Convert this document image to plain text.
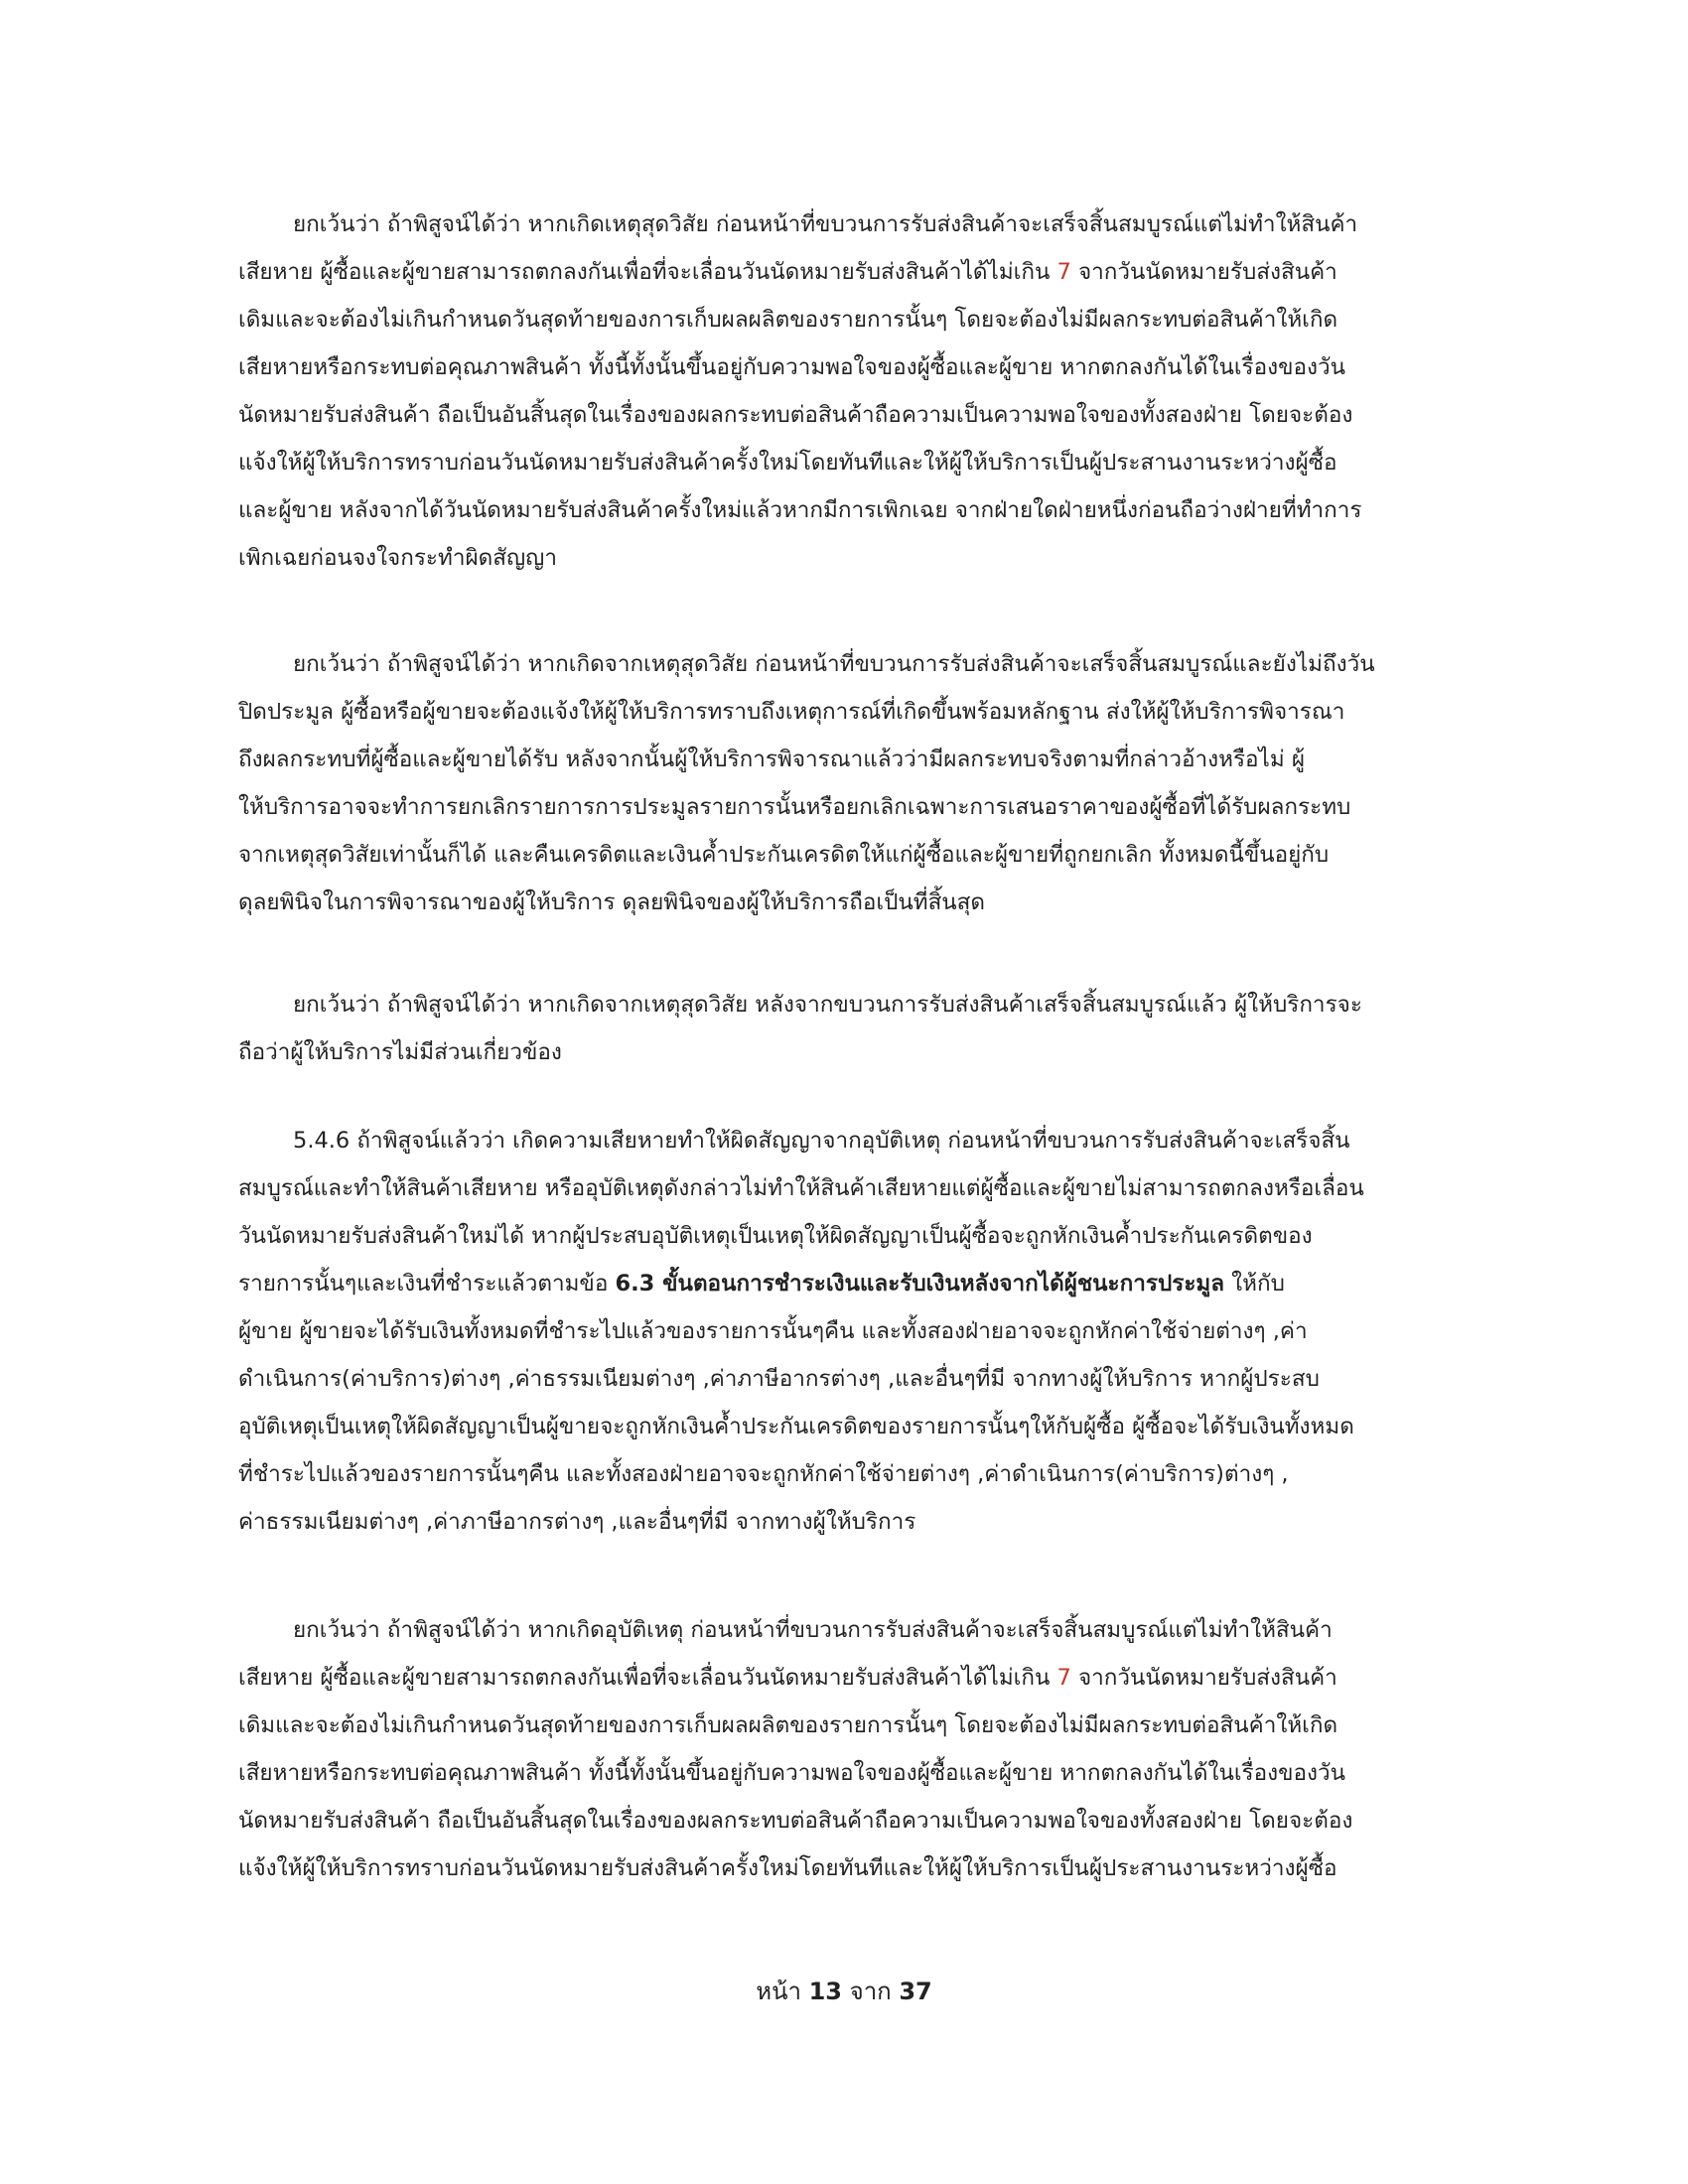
ยกเว้นว่า ถ้าพิสูจน์ได้ว่า หากเกิดเหตุสุดวิสัย ก่อนหน้าที่ขบวนการรับส่งสินค้าจะเสร็จสิ้นสมบูรณ์แต่ไม่ทำให้สินค้า
เสียหาย ผู้ซื้อและผู้ขายสามารถตกลงกันเพื่อที่จะเลื่อนวันนัดหมายรับส่งสินค้าได้ไม่เกิน 7 จากวันนัดหมายรับส่งสินค้า
เดิมและจะต้องไม่เกินกำหนดวันสุดท้ายของการเก็บผลผลิตของรายการนั้นๆ โดยจะต้องไม่มีผลกระทบต่อสินค้าให้เกิด
เสียหายหรือกระทบต่อคุณภาพสินค้า ทั้งนี้ทั้งนั้นขึ้นอยู่กับความพอใจของผู้ซื้อและผู้ขาย หากตกลงกันได้ในเรื่องของวัน
นัดหมายรับส่งสินค้า ถือเป็นอันสิ้นสุดในเรื่องของผลกระทบต่อสินค้าถือความเป็นความพอใจของทั้งสองฝ่าย โดยจะต้อง
แจ้งให้ผู้ให้บริการทราบก่อนวันนัดหมายรับส่งสินค้าครั้งใหม่โดยทันทีและให้ผู้ให้บริการเป็นผู้ประสานงานระหว่างผู้ซื้อ
และผู้ขาย หลังจากได้วันนัดหมายรับส่งสินค้าครั้งใหม่แล้วหากมีการเพิกเฉย จากฝ่ายใดฝ่ายหนึ่งก่อนถือว่างฝ่ายที่ทำการ
เพิกเฉยก่อนจงใจกระทำผิดสัญญา
ยกเว้นว่า ถ้าพิสูจน์ได้ว่า หากเกิดจากเหตุสุดวิสัย ก่อนหน้าที่ขบวนการรับส่งสินค้าจะเสร็จสิ้นสมบูรณ์และยังไม่ถึงวัน
ปิดประมูล ผู้ซื้อหรือผู้ขายจะต้องแจ้งให้ผู้ให้บริการทราบถึงเหตุการณ์ที่เกิดขึ้นพร้อมหลักฐาน ส่งให้ผู้ให้บริการพิจารณา
ถึงผลกระทบที่ผู้ซื้อและผู้ขายได้รับ หลังจากนั้นผู้ให้บริการพิจารณาแล้วว่ามีผลกระทบจริงตามที่กล่าวอ้างหรือไม่ ผู้
ให้บริการอาจจะทำการยกเลิกรายการการประมูลรายการนั้นหรือยกเลิกเฉพาะการเสนอราคาของผู้ซื้อที่ได้รับผลกระทบ
จากเหตุสุดวิสัยเท่านั้นก็ได้ และคืนเครดิตและเงินค้ำประกันเครดิตให้แก่ผู้ซื้อและผู้ขายที่ถูกยกเลิก ทั้งหมดนี้ขึ้นอยู่กับ
ดุลยพินิจในการพิจารณาของผู้ให้บริการ ดุลยพินิจของผู้ให้บริการถือเป็นที่สิ้นสุด
ยกเว้นว่า ถ้าพิสูจน์ได้ว่า หากเกิดจากเหตุสุดวิสัย หลังจากขบวนการรับส่งสินค้าเสร็จสิ้นสมบูรณ์แล้ว ผู้ให้บริการจะ
ถือว่าผู้ให้บริการไม่มีส่วนเกี่ยวข้อง
5.4.6 ถ้าพิสูจน์แล้วว่า เกิดความเสียหายทำให้ผิดสัญญาจากอุบัติเหตุ ก่อนหน้าที่ขบวนการรับส่งสินค้าจะเสร็จสิ้น
สมบูรณ์และทำให้สินค้าเสียหาย หรืออุบัติเหตุดังกล่าวไม่ทำให้สินค้าเสียหายแต่ผู้ซื้อและผู้ขายไม่สามารถตกลงหรือเลื่อน
วันนัดหมายรับส่งสินค้าใหม่ได้ หากผู้ประสบอุบัติเหตุเป็นเหตุให้ผิดสัญญาเป็นผู้ซื้อจะถูกหักเงินค้ำประกันเครดิตของ
รายการนั้นๆและเงินที่ชำระแล้วตามข้อ 6.3 ขั้นตอนการชำระเงินและรับเงินหลังจากได้ผู้ชนะการประมูล ให้กับ
ผู้ขาย ผู้ขายจะได้รับเงินทั้งหมดที่ชำระไปแล้วของรายการนั้นๆคืน และทั้งสองฝ่ายอาจจะถูกหักค่าใช้จ่ายต่างๆ ,ค่า
ดำเนินการ(ค่าบริการ)ต่างๆ ,ค่าธรรมเนียมต่างๆ ,ค่าภาษีอากรต่างๆ ,และอื่นๆที่มี จากทางผู้ให้บริการ หากผู้ประสบ
อุบัติเหตุเป็นเหตุให้ผิดสัญญาเป็นผู้ขายจะถูกหักเงินค้ำประกันเครดิตของรายการนั้นๆให้กับผู้ซื้อ ผู้ซื้อจะได้รับเงินทั้งหมด
ที่ชำระไปแล้วของรายการนั้นๆคืน และทั้งสองฝ่ายอาจจะถูกหักค่าใช้จ่ายต่างๆ ,ค่าดำเนินการ(ค่าบริการ)ต่างๆ ,
ค่าธรรมเนียมต่างๆ ,ค่าภาษีอากรต่างๆ ,และอื่นๆที่มี จากทางผู้ให้บริการ
ยกเว้นว่า ถ้าพิสูจน์ได้ว่า หากเกิดอุบัติเหตุ ก่อนหน้าที่ขบวนการรับส่งสินค้าจะเสร็จสิ้นสมบูรณ์แต่ไม่ทำให้สินค้า
เสียหาย ผู้ซื้อและผู้ขายสามารถตกลงกันเพื่อที่จะเลื่อนวันนัดหมายรับส่งสินค้าได้ไม่เกิน 7 จากวันนัดหมายรับส่งสินค้า
เดิมและจะต้องไม่เกินกำหนดวันสุดท้ายของการเก็บผลผลิตของรายการนั้นๆ โดยจะต้องไม่มีผลกระทบต่อสินค้าให้เกิด
เสียหายหรือกระทบต่อคุณภาพสินค้า ทั้งนี้ทั้งนั้นขึ้นอยู่กับความพอใจของผู้ซื้อและผู้ขาย หากตกลงกันได้ในเรื่องของวัน
นัดหมายรับส่งสินค้า ถือเป็นอันสิ้นสุดในเรื่องของผลกระทบต่อสินค้าถือความเป็นความพอใจของทั้งสองฝ่าย โดยจะต้อง
แจ้งให้ผู้ให้บริการทราบก่อนวันนัดหมายรับส่งสินค้าครั้งใหม่โดยทันทีและให้ผู้ให้บริการเป็นผู้ประสานงานระหว่างผู้ซื้อ
หน้า 13 จาก 37
